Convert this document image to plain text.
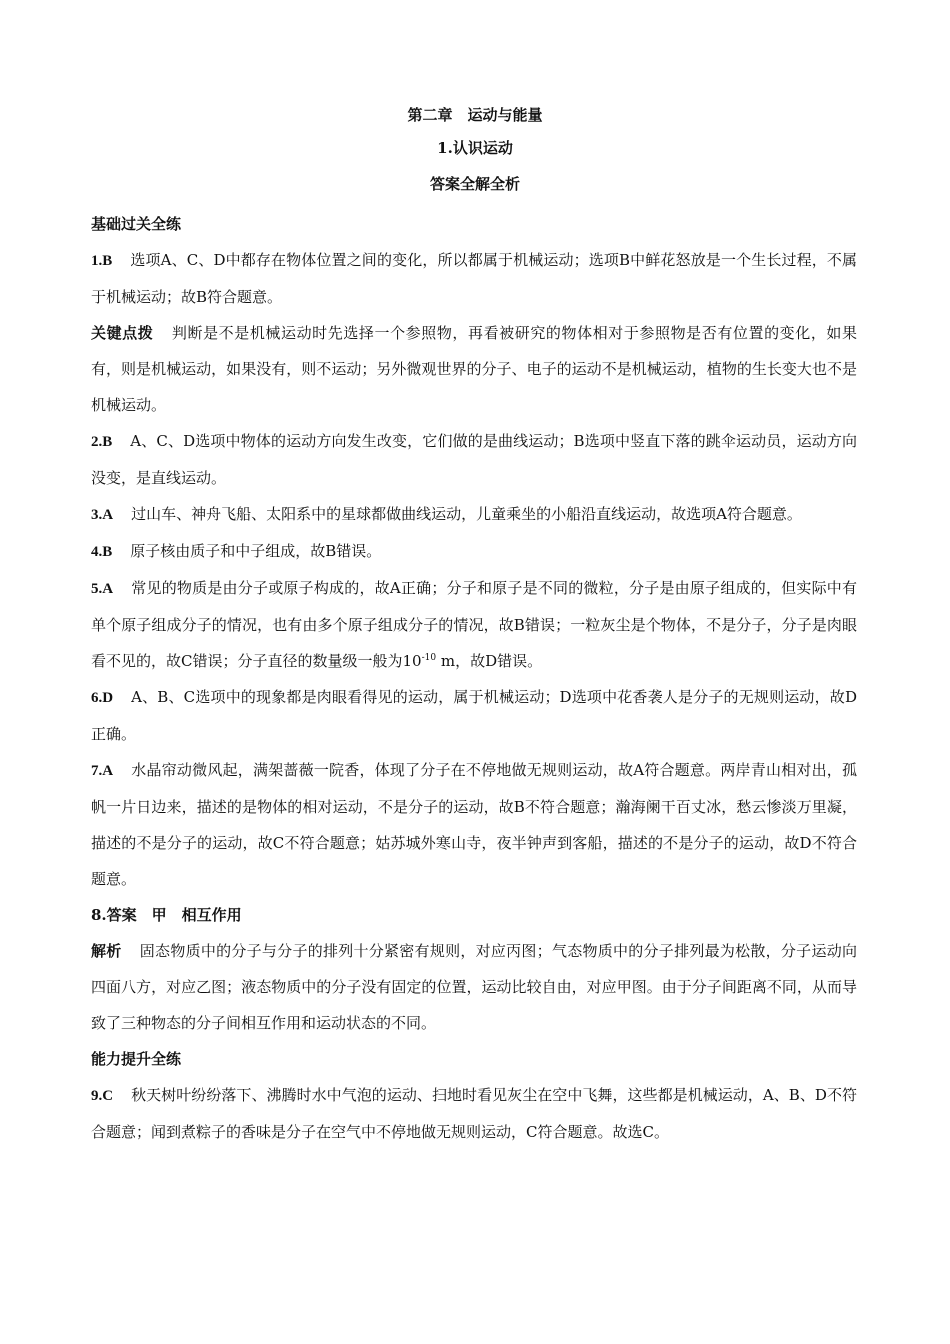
第二章　运动与能量
1.认识运动
答案全解全析
基础过关全练

1.B 选项A、C、D中都存在物体位置之间的变化，所以都属于机械运动；选项B中鲜花怒放是一个生长过程，不属于机械运动；故B符合题意。

关键点拨 判断是不是机械运动时先选择一个参照物，再看被研究的物体相对于参照物是否有位置的变化，如果有，则是机械运动，如果没有，则不运动；另外微观世界的分子、电子的运动不是机械运动，植物的生长变大也不是机械运动。

2.B A、C、D选项中物体的运动方向发生改变，它们做的是曲线运动；B选项中竖直下落的跳伞运动员，运动方向没变，是直线运动。

3.A 过山车、神舟飞船、太阳系中的星球都做曲线运动，儿童乘坐的小船沿直线运动，故选项A符合题意。

4.B 原子核由质子和中子组成，故B错误。

5.A 常见的物质是由分子或原子构成的，故A正确；分子和原子是不同的微粒，分子是由原子组成的，但实际中有单个原子组成分子的情况，也有由多个原子组成分子的情况，故B错误；一粒灰尘是个物体，不是分子，分子是肉眼看不见的，故C错误；分子直径的数量级一般为$10^{-10}$ m，故D错误。

6.D A、B、C选项中的现象都是肉眼看得见的运动，属于机械运动；D选项中花香袭人是分子的无规则运动，故D正确。

7.A 水晶帘动微风起，满架蔷薇一院香，体现了分子在不停地做无规则运动，故A符合题意。两岸青山相对出，孤帆一片日边来，描述的是物体的相对运动，不是分子的运动，故B不符合题意；瀚海阑干百丈冰，愁云惨淡万里凝，描述的不是分子的运动，故C不符合题意；姑苏城外寒山寺，夜半钟声到客船，描述的不是分子的运动，故D不符合题意。

8.答案　甲　相互作用

解析 固态物质中的分子与分子的排列十分紧密有规则，对应丙图；气态物质中的分子排列最为松散，分子运动向四面八方，对应乙图；液态物质中的分子没有固定的位置，运动比较自由，对应甲图。由于分子间距离不同，从而导致了三种物态的分子间相互作用和运动状态的不同。

能力提升全练

9.C 秋天树叶纷纷落下、沸腾时水中气泡的运动、扫地时看见灰尘在空中飞舞，这些都是机械运动，A、B、D不符合题意；闻到煮粽子的香味是分子在空气中不停地做无规则运动，C符合题意。故选C。
